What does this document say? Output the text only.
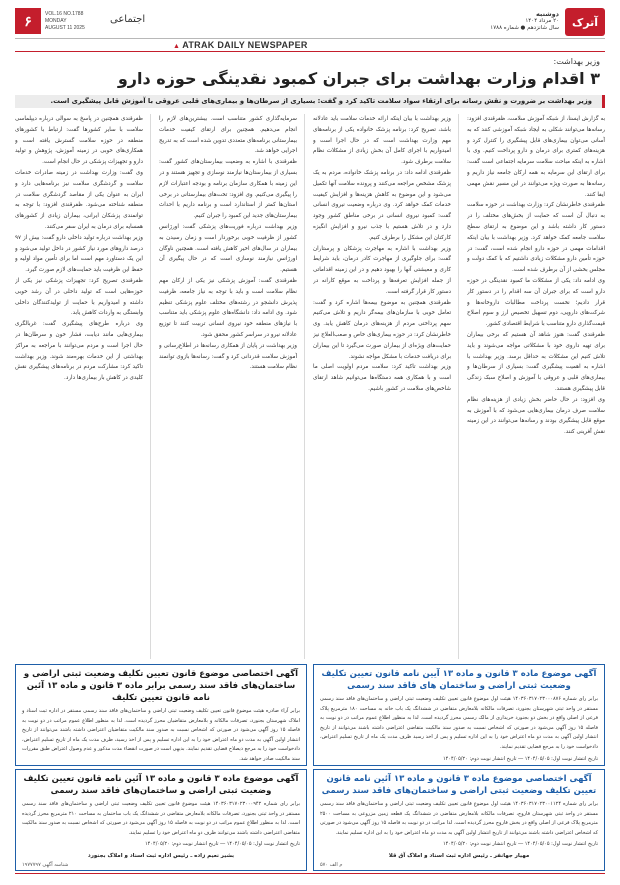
۶	VOL.16 NO.1788
MONDAY
AUGUST 11 2025
اجتماعی	دوشنبه
۲۰ مرداد ۱۴۰۴
سال شانزدهم ● شماره ۱۷۸۸ آترک
▲ ATRAK DAILY NEWSPAPER
وزیر بهداشت:
۳ اقدام وزارت بهداشت برای جبران کمبود نقدینگی حوزه دارو
وزیر بهداشت بر ضرورت و نقش رسانه برای ارتقاء سواد سلامت تاکید کرد و گفت: بسیاری از سرطان‌ها و بیماری‌های قلبی عروقی با آموزش قابل پیشگیری است.

به گزارش ایسنا، از شبکه آموزش سلامت، ظفرقندی افزود: رسانه‌ها می‌توانند شکلی به ایجاد شبکه آموزشی کنند که به آسانی می‌توان بیماری‌های قابل پیشگیری را کنترل کرد و هزینه‌های کمتری برای درمان و دارو پرداخت کنیم. وی با اشاره به اینکه مباحث سلامت سرمایه اجتماعی است گفت: برای ارتقای این سرمایه به همه ارکان جامعه نیاز داریم و رسانه‌ها به صورت ویژه می‌توانند در این مسیر نقش مهمی ایفا کنند.

ظفرقندی خاطرنشان کرد: وزارت بهداشت در حوزه سلامت به دنبال آن است که حمایت از بخش‌های مختلف را در دستور کار داشته باشد و این موضوع به ارتقای سطح سلامت جامعه کمک خواهد کرد. وزیر بهداشت با بیان اینکه اقدامات مهمی در حوزه دارو انجام شده است، گفت: در حوزه تأمین دارو مشکلات زیادی داشتیم که با کمک دولت و مجلس بخشی از آن برطرف شده است.

وی ادامه داد: یکی از مشکلات ما کمبود نقدینگی در حوزه دارو است که برای جبران آن سه اقدام را در دستور کار قرار دادیم؛ نخست پرداخت مطالبات داروخانه‌ها و شرکت‌های دارویی، دوم تسهیل تخصیص ارز و سوم اصلاح قیمت‌گذاری دارو متناسب با شرایط اقتصادی کشور.

ظفرقندی گفت: هنوز شاهد آن هستیم که برخی بیماران برای تهیه داروی خود با مشکلاتی مواجه می‌شوند و باید تلاش کنیم این مشکلات به حداقل برسد. وزیر بهداشت با اشاره به اهمیت پیشگیری گفت: بسیاری از سرطان‌ها و بیماری‌های قلبی و عروقی با آموزش و اصلاح سبک زندگی قابل پیشگیری هستند.

وی افزود: در حال حاضر بخش زیادی از هزینه‌های نظام سلامت صرف درمان بیماری‌هایی می‌شود که با آموزش به موقع قابل پیشگیری بودند و رسانه‌ها می‌توانند در این زمینه نقش آفرینی کنند.

وزیر بهداشت با بیان اینکه ارائه خدمات سلامت باید عادلانه باشد، تصریح کرد: برنامه پزشک خانواده یکی از برنامه‌های مهم وزارت بهداشت است که در حال اجرا است و امیدواریم با اجرای کامل آن بخش زیادی از مشکلات نظام سلامت برطرف شود.

ظفرقندی ادامه داد: در برنامه پزشک خانواده، مردم به یک پزشک مشخص مراجعه می‌کنند و پرونده سلامت آنها تکمیل می‌شود و این موضوع به کاهش هزینه‌ها و افزایش کیفیت خدمات کمک خواهد کرد. وی درباره وضعیت نیروی انسانی گفت: کمبود نیروی انسانی در برخی مناطق کشور وجود دارد و در تلاش هستیم با جذب نیرو و افزایش انگیزه کارکنان این مشکل را برطرف کنیم.

وزیر بهداشت با اشاره به مهاجرت پزشکان و پرستاران گفت: برای جلوگیری از مهاجرت کادر درمان، باید شرایط کاری و معیشتی آنها را بهبود دهیم و در این زمینه اقداماتی از جمله افزایش تعرفه‌ها و پرداخت به موقع کارانه در دستور کار قرار گرفته است.

ظفرقندی همچنین به موضوع بیمه‌ها اشاره کرد و گفت: تعامل خوبی با سازمان‌های بیمه‌گر داریم و تلاش می‌کنیم سهم پرداختی مردم از هزینه‌های درمان کاهش یابد. وی خاطرنشان کرد: در حوزه بیماری‌های خاص و صعب‌العلاج نیز حمایت‌های ویژه‌ای از بیماران صورت می‌گیرد تا این بیماران برای دریافت خدمات با مشکل مواجه نشوند.

وزیر بهداشت تاکید کرد: سلامت مردم اولویت اصلی ما است و با همکاری همه دستگاه‌ها می‌توانیم شاهد ارتقای شاخص‌های سلامت در کشور باشیم.

سرمایه‌گذاری کشور متناسب است. بیشترین‌های لازم را انجام می‌دهیم. همچنین برای ارتقای کیفیت خدمات بیمارستانی برنامه‌های متعددی تدوین شده است که به تدریج اجرایی خواهد شد.

ظفرقندی با اشاره به وضعیت بیمارستان‌های کشور گفت: بسیاری از بیمارستان‌ها نیازمند نوسازی و تجهیز هستند و در این زمینه با همکاری سازمان برنامه و بودجه اعتبارات لازم را پیگیری می‌کنیم. وی افزود: تخت‌های بیمارستانی در برخی استان‌ها کمتر از استاندارد است و برنامه داریم با احداث بیمارستان‌های جدید این کمبود را جبران کنیم.

وزیر بهداشت درباره فوریت‌های پزشکی گفت: اورژانس کشور از ظرفیت خوبی برخوردار است و زمان رسیدن به بیماران در سال‌های اخیر کاهش یافته است. همچنین ناوگان اورژانس نیازمند نوسازی است که در حال پیگیری آن هستیم.

ظفرقندی گفت: آموزش پزشکی نیز یکی از ارکان مهم نظام سلامت است و باید با توجه به نیاز جامعه، ظرفیت پذیرش دانشجو در رشته‌های مختلف علوم پزشکی تنظیم شود. وی ادامه داد: دانشگاه‌های علوم پزشکی باید متناسب با نیازهای منطقه خود نیروی انسانی تربیت کنند تا توزیع عادلانه نیرو در سراسر کشور محقق شود.

وزیر بهداشت در پایان از همکاری رسانه‌ها در اطلاع‌رسانی و آموزش سلامت قدردانی کرد و گفت: رسانه‌ها بازوی توانمند نظام سلامت هستند.

ظفرقندی همچنین در پاسخ به سوالی درباره دیپلماسی سلامت با سایر کشورها گفت: ارتباط با کشورهای منطقه در حوزه سلامت گسترش یافته است و همکاری‌های خوبی در زمینه آموزش، پژوهش و تولید دارو و تجهیزات پزشکی در حال انجام است.

وی گفت: وزارت بهداشت در زمینه صادرات خدمات سلامت و گردشگری سلامت نیز برنامه‌هایی دارد و ایران به عنوان یکی از مقاصد گردشگری سلامت در منطقه شناخته می‌شود. ظفرقندی افزود: با توجه به توانمندی پزشکان ایرانی، بیماران زیادی از کشورهای همسایه برای درمان به ایران سفر می‌کنند.

وزیر بهداشت درباره تولید داخلی دارو گفت: بیش از ۹۷ درصد داروهای مورد نیاز کشور در داخل تولید می‌شود و این یک دستاورد مهم است اما برای تأمین مواد اولیه و حفظ این ظرفیت باید حمایت‌های لازم صورت گیرد.

ظفرقندی تصریح کرد: تجهیزات پزشکی نیز یکی از حوزه‌هایی است که تولید داخلی در آن رشد خوبی داشته و امیدواریم با حمایت از تولیدکنندگان داخلی وابستگی به واردات کاهش یابد.

وی درباره طرح‌های پیشگیری گفت: غربالگری بیماری‌هایی مانند دیابت، فشار خون و سرطان‌ها در حال اجرا است و مردم می‌توانند با مراجعه به مراکز بهداشتی از این خدمات بهره‌مند شوند. وزیر بهداشت تاکید کرد: مشارکت مردم در برنامه‌های پیشگیری نقش کلیدی در کاهش بار بیماری‌ها دارد.

آگهی موضوع ماده ۳ قانون و ماده ۱۳ آیین نامه قانون تعیین تکلیف وضعیت ثبتی اراضی و ساختمان های فاقد سند رسمی
برابر رای شماره ۱۴۰۳۶۰۳۱۷۰۲۳۰۰۰۸۷۶ هیئت اول موضوع قانون تعیین تکلیف وضعیت ثبتی اراضی و ساختمان‌های فاقد سند رسمی مستقر در واحد ثبتی شهرستان بجنورد، تصرفات مالکانه بلامعارض متقاضی در ششدانگ یک باب خانه به مساحت ۱۸۰ مترمربع پلاک فرعی از اصلی واقع در بخش دو بجنورد خریداری از مالک رسمی محرز گردیده است. لذا به منظور اطلاع عموم مراتب در دو نوبت به فاصله ۱۵ روز آگهی می‌شود در صورتی که اشخاص نسبت به صدور سند مالکیت متقاضی اعتراضی داشته باشند می‌توانند از تاریخ انتشار اولین آگهی به مدت دو ماه اعتراض خود را به این اداره تسلیم و پس از اخذ رسید ظرف مدت یک ماه از تاریخ تسلیم اعتراض، دادخواست خود را به مرجع قضایی تقدیم نمایند.
تاریخ انتشار نوبت اول: ۱۴۰۴/۰۵/۰۵ ― تاریخ انتشار نوبت دوم: ۱۴۰۴/۰۵/۲۰
آگهی اختصاصی موضوع قانون تعیین تکلیف وضعیت ثبتی اراضی و ساختمان‌های فاقد سند رسمی برابر ماده ۳ قانون و ماده ۱۳ آئین نامه قانون تعیین تکلیف
برابر آراء صادره هیئت موضوع قانون تعیین تکلیف وضعیت ثبتی اراضی و ساختمان‌های فاقد سند رسمی مستقر در اداره ثبت اسناد و املاک شهرستان بجنورد، تصرفات مالکانه و بلامعارض متقاضیان محرز گردیده است. لذا به منظور اطلاع عموم مراتب در دو نوبت به فاصله ۱۵ روز آگهی می‌شود در صورتی که اشخاص نسبت به صدور سند مالکیت متقاضیان اعتراضی داشته باشند می‌توانند از تاریخ انتشار اولین آگهی به مدت دو ماه اعتراض خود را به این اداره تسلیم و پس از اخذ رسید، ظرف مدت یک ماه از تاریخ تسلیم اعتراض، دادخواست خود را به مرجع ذیصلاح قضایی تقدیم نمایند. بدیهی است در صورت انقضاء مدت مذکور و عدم وصول اعتراض طبق مقررات سند مالکیت صادر خواهد شد.
آگهی اختصاصی موضوع ماده ۳ قانون و ماده ۱۳ آئین نامه قانون تعیین تکلیف وضعیت ثبتی اراضی و ساختمان‌های فاقد سند رسمی
برابر رای شماره ۱۴۰۳۶۰۳۱۷۰۲۳۰۰۱۱۲۴ هیئت اول موضوع قانون تعیین تکلیف وضعیت ثبتی اراضی و ساختمان‌های فاقد سند رسمی مستقر در واحد ثبتی شهرستان فاروج، تصرفات مالکانه بلامعارض متقاضی در ششدانگ یک قطعه زمین مزروعی به مساحت ۲۵۰۰ مترمربع پلاک فرعی از اصلی واقع در بخش فاروج محرز گردیده است. لذا مراتب در دو نوبت به فاصله ۱۵ روز آگهی می‌شود در صورتی که اشخاص اعتراضی داشته باشند می‌توانند از تاریخ انتشار اولین آگهی به مدت دو ماه اعتراض خود را به این اداره تسلیم نمایند.
تاریخ انتشار نوبت اول: ۱۴۰۴/۰۵/۰۵ ― تاریخ انتشار نوبت دوم: ۱۴۰۴/۰۵/۲۰
مهیار جهانفر ـ رئیس اداره ثبت اسناد و املاک آق قلا
م الف ۵۷۰
آگهی موضوع ماده ۳ قانون و ماده ۱۳ آئین نامه قانون تعیین تکلیف وضعیت ثبتی اراضی و ساختمان‌های فاقد سند رسمی
برابر رای شماره ۱۴۰۳۶۰۳۱۷۰۲۳۰۰۰۹۴۲ هیئت موضوع قانون تعیین تکلیف وضعیت ثبتی اراضی و ساختمان‌های فاقد سند رسمی مستقر در واحد ثبتی بجنورد، تصرفات مالکانه بلامعارض متقاضی در ششدانگ یک باب ساختمان به مساحت ۲۱۰ مترمربع محرز گردیده است. لذا به منظور اطلاع عموم مراتب در دو نوبت به فاصله ۱۵ روز آگهی می‌شود در صورتی که اشخاص نسبت به صدور سند مالکیت متقاضی اعتراضی داشته باشند می‌توانند ظرف دو ماه اعتراض خود را تسلیم نمایند.
تاریخ انتشار نوبت اول: ۱۴۰۴/۰۵/۰۵ ― تاریخ انتشار نوبت دوم: ۱۴۰۴/۰۵/۲۰
بشیر نعیم زاده ـ رئیس اداره ثبت اسناد و املاک بجنورد
شناسه آگهی ۱۹۷۷۷۹۷
